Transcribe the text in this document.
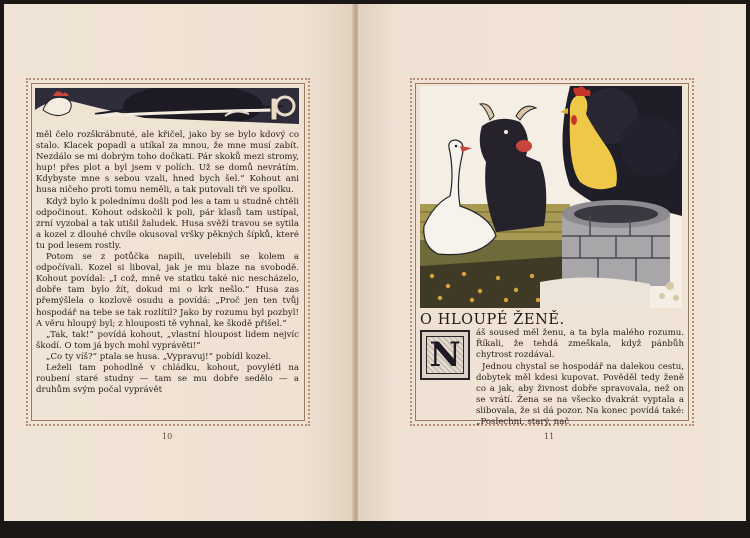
měl čelo rozškrábnuté, ale křičel, jako by se bylo kdový co stalo. Klacek popadl a utíkal za mnou, že mne musí zabít. Nezdálo se mi dobrým toho dočkati. Pár skoků mezi stromy, hup! přes plot a byl jsem v polích. Už se domů nevrátím. Kdybyste mne s sebou vzali, hned bych šel.“ Kohout ani husa ničeho proti tomu neměli, a tak putovali tři ve spolku.

Když bylo k polednímu došli pod les a tam u studně chtěli odpočinout. Kohout odskočil k poli, pár klasů tam ustípal, zrní vyzobal a tak utišil žaludek. Husa svěží travou se sytila a kozel z dlouhé chvíle okusoval vršky pěkných šípků, které tu pod lesem rostly.

Potom se z potůčka napili, uvelebili se kolem a odpočívali. Kozel si liboval, jak je mu blaze na svobodě. Kohout povídal: „I což, mně ve statku také nic nescházelo, dobře tam bylo žít, dokud mi o krk nešlo.“ Husa zas přemýšlela o kozlově osudu a povídá: „Proč jen ten tvůj hospodář na tebe se tak rozlítil? Jako by rozumu byl pozbyl! A věru hloupý byl; z hlouposti tě vyhnal, ke škodě přišel.“

„Tak, tak!“ povídá kohout, „vlastní hloupost lidem nejvíc škodí. O tom já bych mohl vyprávěti!“

„Co ty víš?“ ptala se husa. „Vypravuj!“ pobídl kozel.

Leželi tam pohodlně v chládku, kohout, povylétl na roubení staré studny — tam se mu dobře sedělo — a druhům svým počal vyprávět

10
O HLOUPÉ ŽENĚ.
N

áš soused měl ženu, a ta byla malého rozumu. Říkali, že tehdá zmeškala, když pánbůh chytrost rozdával.

Jednou chystal se hospodář na dalekou cestu, dobytek měl kdesi kupovat. Pověděl tedy ženě co a jak, aby živnost dobře spravovala, než on se vrátí. Žena se na všecko dvakrát vyptala a slibovala, že si dá pozor. Na konec povídá také: „Poslechni, starý, nač

11
